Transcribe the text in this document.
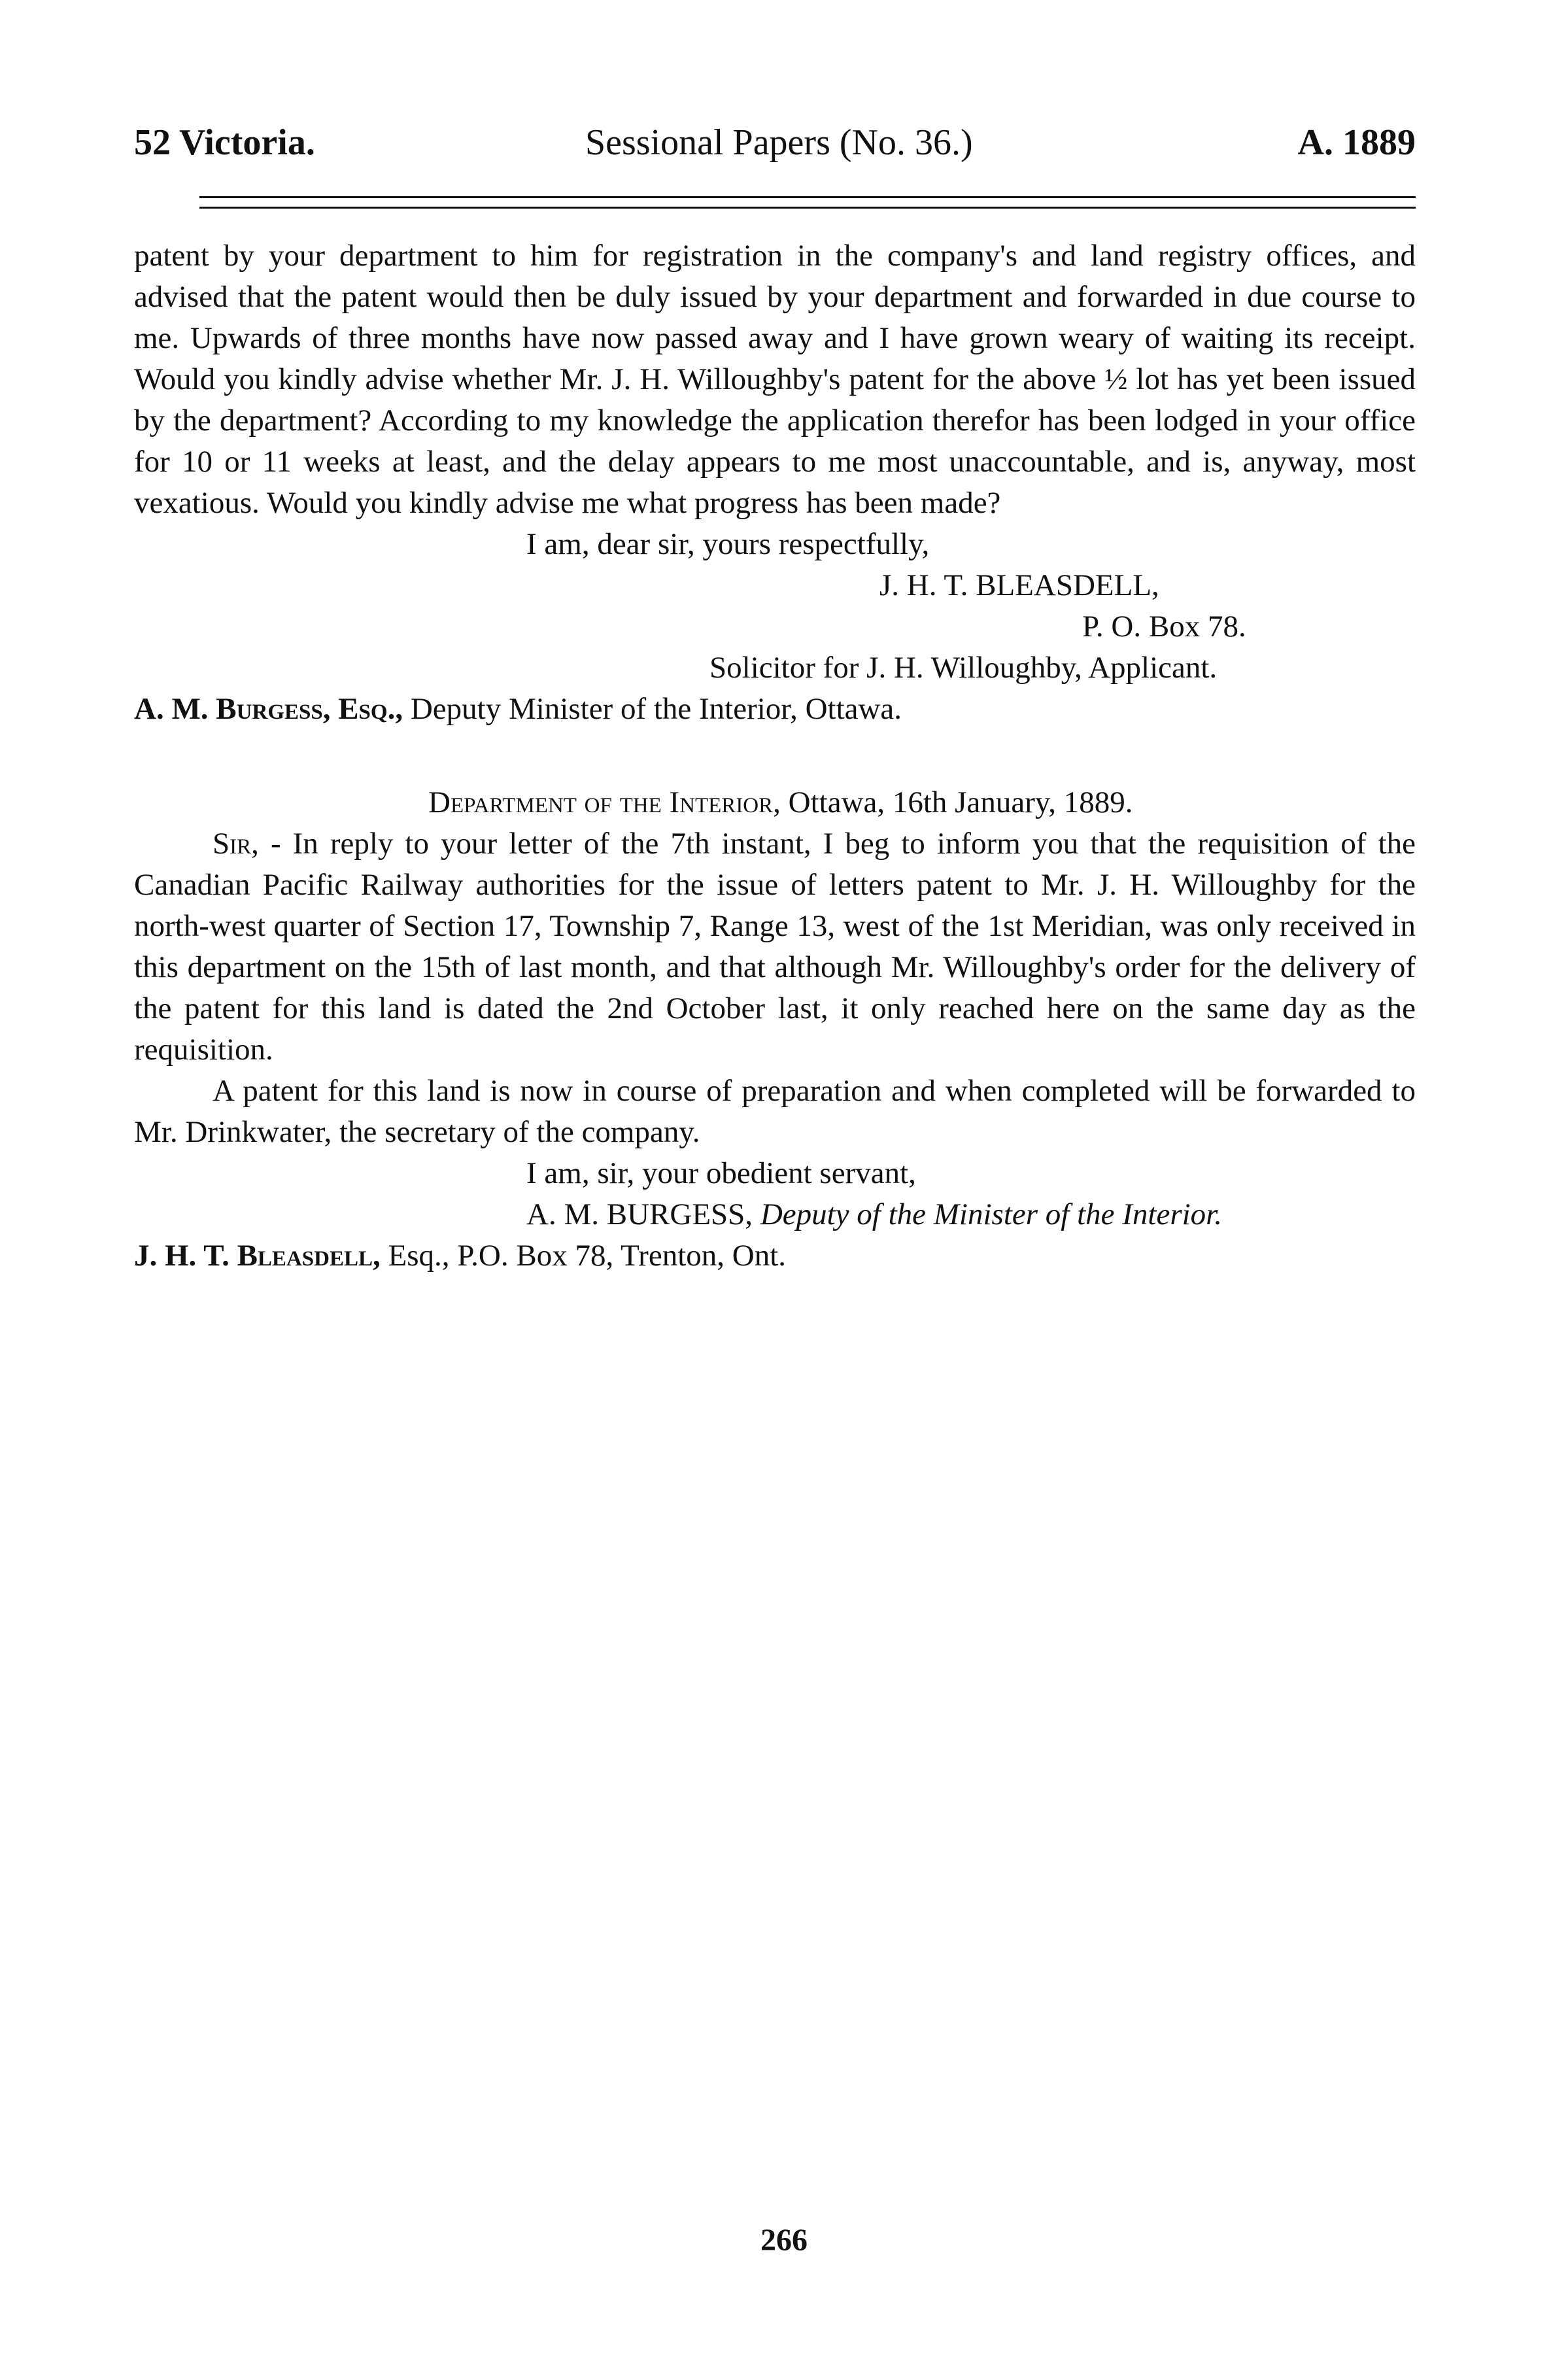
52 Victoria.	Sessional Papers (No. 36.)	A. 1889

patent by your department to him for registration in the company's and land registry offices, and advised that the patent would then be duly issued by your department and forwarded in due course to me. Upwards of three months have now passed away and I have grown weary of waiting its receipt. Would you kindly advise whether Mr. J. H. Willoughby's patent for the above ½ lot has yet been issued by the department? According to my knowledge the application therefor has been lodged in your office for 10 or 11 weeks at least, and the delay appears to me most unaccountable, and is, anyway, most vexatious. Would you kindly advise me what progress has been made?

I am, dear sir, yours respectfully,
J. H. T. BLEASDELL,
P. O. Box 78.
Solicitor for J. H. Willoughby, Applicant.
A. M. Burgess, Esq., Deputy Minister of the Interior, Ottawa.
Department of the Interior, Ottawa, 16th January, 1889.

Sir, - In reply to your letter of the 7th instant, I beg to inform you that the requisition of the Canadian Pacific Railway authorities for the issue of letters patent to Mr. J. H. Willoughby for the north-west quarter of Section 17, Township 7, Range 13, west of the 1st Meridian, was only received in this department on the 15th of last month, and that although Mr. Willoughby's order for the delivery of the patent for this land is dated the 2nd October last, it only reached here on the same day as the requisition.

A patent for this land is now in course of preparation and when completed will be forwarded to Mr. Drinkwater, the secretary of the company.

I am, sir, your obedient servant,
A. M. BURGESS, Deputy of the Minister of the Interior.
J. H. T. Bleasdell, Esq., P.O. Box 78, Trenton, Ont.
266
